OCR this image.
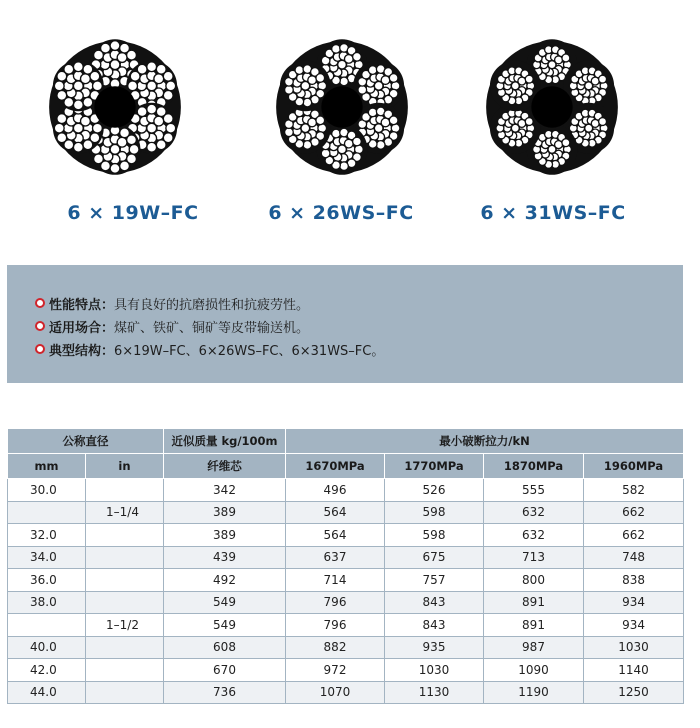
6 × 19W–FC	6 × 26WS–FC	6 × 31WS–FC
性能特点：具有良好的抗磨损性和抗疲劳性。
适用场合：煤矿、铁矿、铜矿等皮带输送机。
典型结构：6×19W–FC、6×26WS–FC、6×31WS–FC。
公称直径		近似质量 kg/100m	最小破断拉力/kN			
mm	in	纤维芯	1670MPa	1770MPa	1870MPa	1960MPa
30.0		342	496	526	555	582
	1–1/4	389	564	598	632	662
32.0		389	564	598	632	662
34.0		439	637	675	713	748
36.0		492	714	757	800	838
38.0		549	796	843	891	934
	1–1/2	549	796	843	891	934
40.0		608	882	935	987	1030
42.0		670	972	1030	1090	1140
44.0		736	1070	1130	1190	1250
